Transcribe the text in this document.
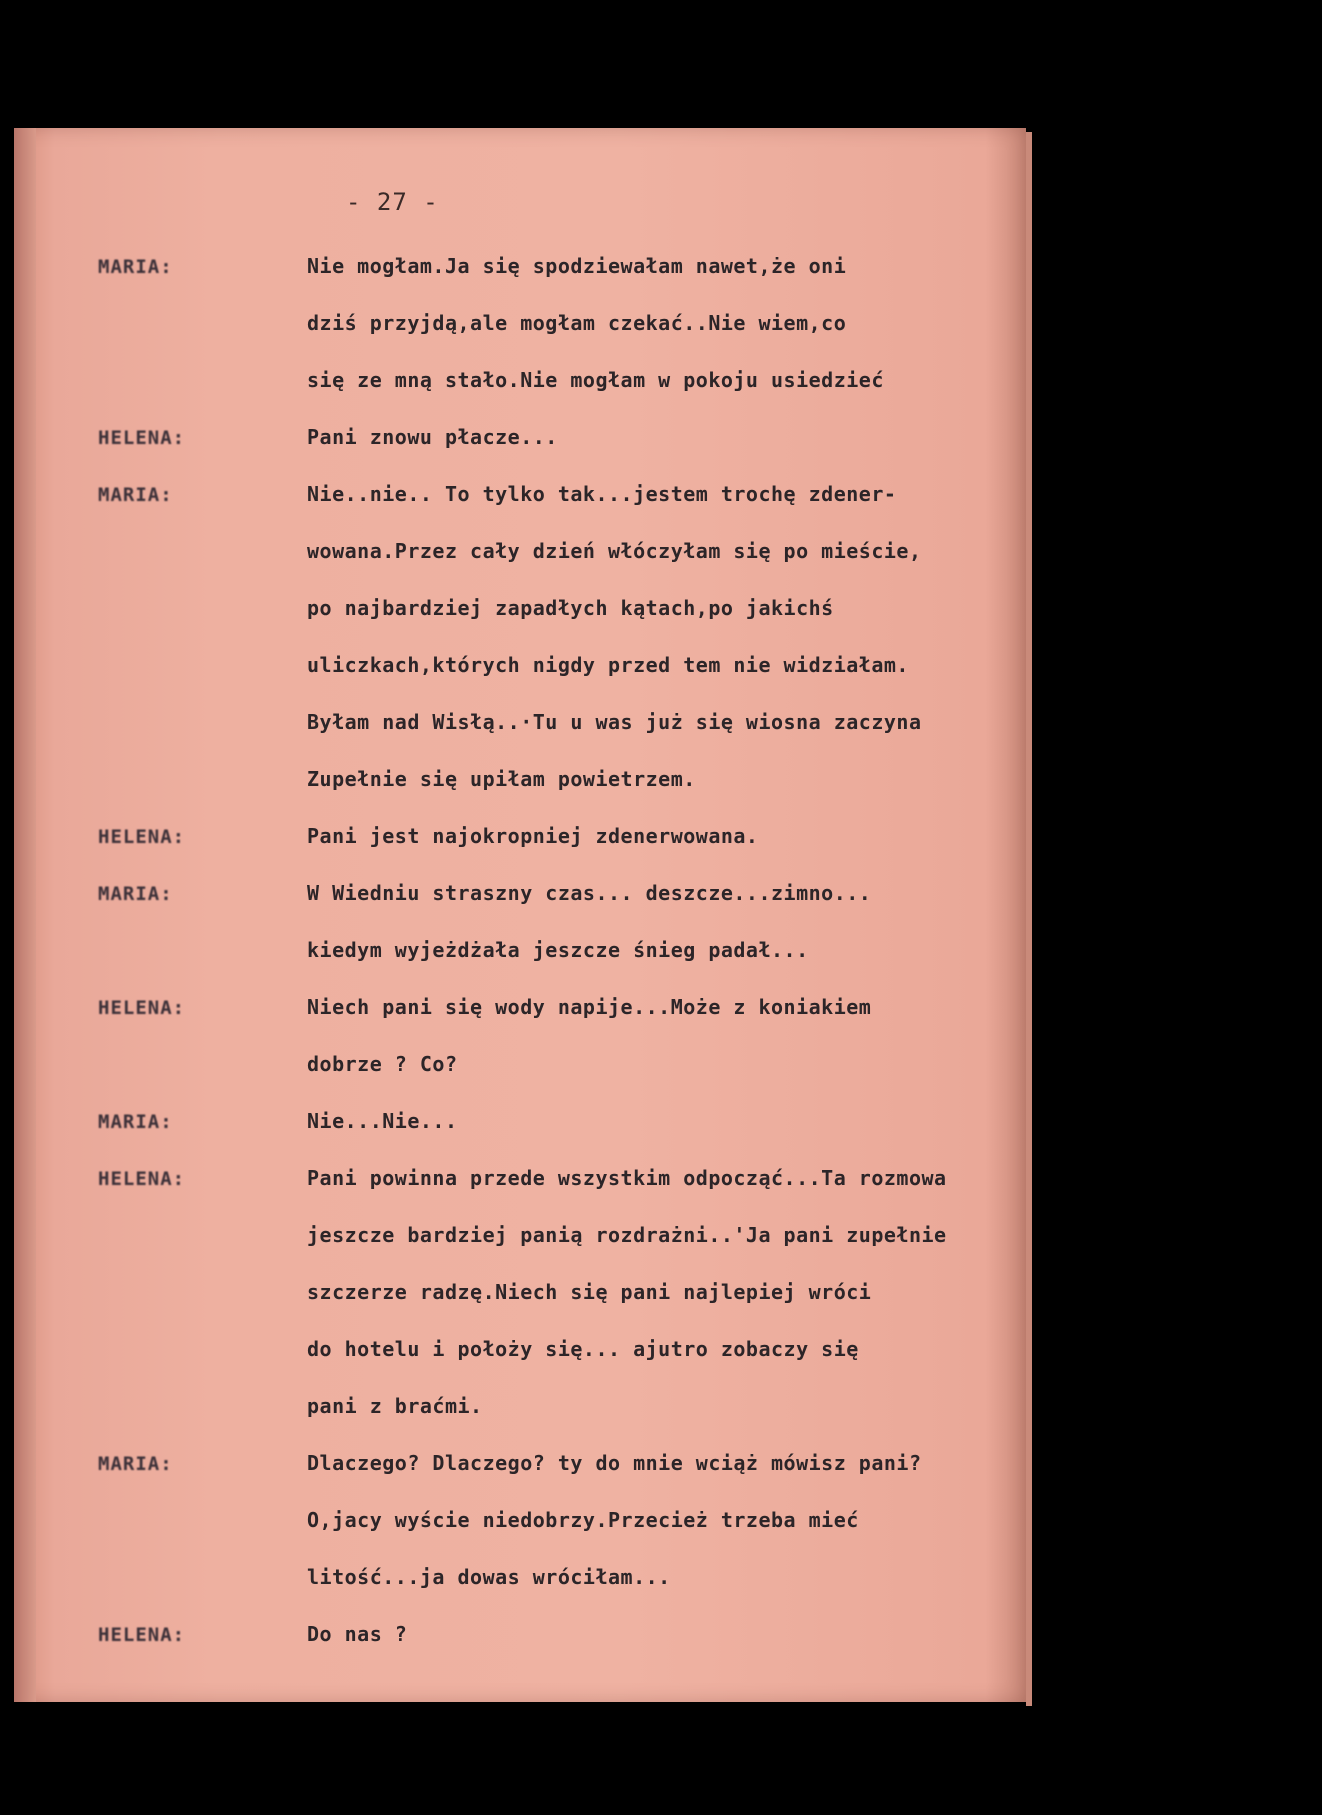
- 27 -
MARIA:	Nie mogłam.Ja się spodziewałam nawet,że oni
dziś przyjdą,ale mogłam czekać..Nie wiem,co
się ze mną stało.Nie mogłam w pokoju usiedzieć
HELENA:	Pani znowu płacze...
MARIA:	Nie..nie.. To tylko tak...jestem trochę zdener-
wowana.Przez cały dzień włóczyłam się po mieście,
po najbardziej zapadłych kątach,po jakichś
uliczkach,których nigdy przed tem nie widziałam.
Byłam nad Wisłą..·Tu u was już się wiosna zaczyna
Zupełnie się upiłam powietrzem.
HELENA:	Pani jest najokropniej zdenerwowana.
MARIA:	W Wiedniu straszny czas... deszcze...zimno...
kiedym wyjeżdżała jeszcze śnieg padał...
HELENA:	Niech pani się wody napije...Może z koniakiem
dobrze ? Co?
MARIA:	Nie...Nie...
HELENA:	Pani powinna przede wszystkim odpocząć...Ta rozmowa
jeszcze bardziej panią rozdrażni..'Ja pani zupełnie
szczerze radzę.Niech się pani najlepiej wróci
do hotelu i położy się... ajutro zobaczy się
pani z braćmi.
MARIA:	Dlaczego? Dlaczego? ty do mnie wciąż mówisz pani?
O,jacy wyście niedobrzy.Przecież trzeba mieć
litość...ja dowas wróciłam...
HELENA:	Do nas ?
